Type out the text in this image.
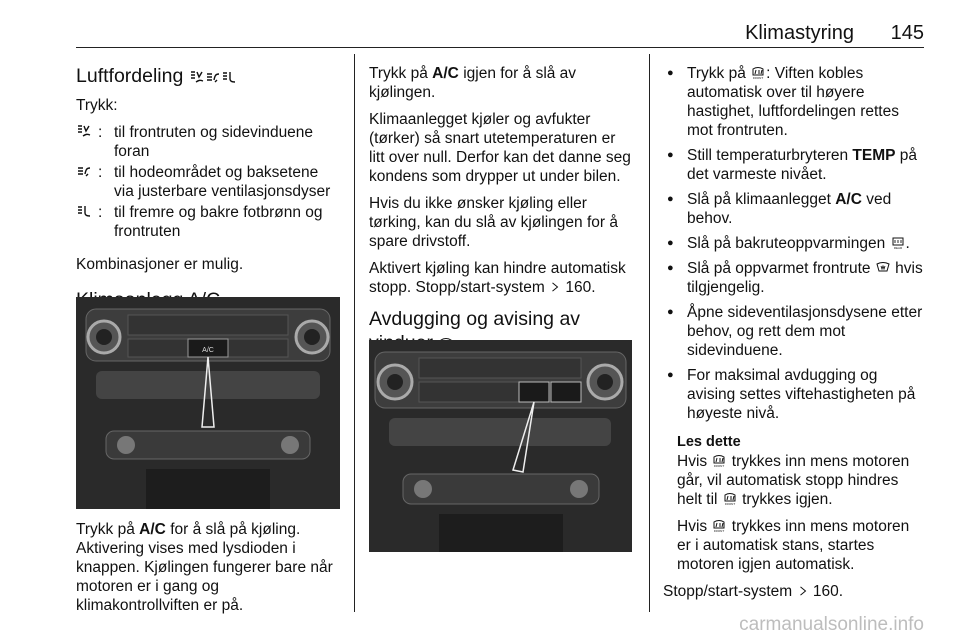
Klimastyring 145
Luftfordeling

Trykk:

: til frontruten og sidevinduene foran
: til hodeområdet og baksetene via justerbare ventilasjonsdyser
: til fremre og bakre fotbrønn og frontruten

Kombinasjoner er mulig.

A/C

Trykk på A/C for å slå på kjøling. Aktivering vises med lysdioden i knappen. Kjølingen fungerer bare når motoren er i gang og klimakontrollviften er på.

Trykk på A/C igjen for å slå av kjølingen.

Klimaanlegget kjøler og avfukter (tørker) så snart utetemperaturen er litt over null. Derfor kan det danne seg kondens som drypper ut under bilen.

Hvis du ikke ønsker kjøling eller tørking, kan du slå av kjølingen for å spare drivstoff.

Aktivert kjøling kan hindre automatisk stopp. Stopp/start-system 160.

Avdugging og avising av
● Trykk på : Viften kobles automatisk over til høyere hastighet, luftfordelingen rettes mot frontruten.
● Still temperaturbryteren TEMP på det varmeste nivået.
● Slå på klimaanlegget A/C ved behov.
● Slå på bakruteoppvarmingen .
● Slå på oppvarmet frontrute hvis tilgjengelig.
● Åpne sideventilasjonsdysene etter behov, og rett dem mot sidevinduene.
● For maksimal avdugging og avising settes viftehastigheten på høyeste nivå.
Les dette

Hvis trykkes inn mens motoren går, vil automatisk stopp hindres helt til trykkes igjen.

Hvis trykkes inn mens motoren er i automatisk stans, startes motoren igjen automatisk.

Stopp/start-system 160.

carmanualsonline.info
